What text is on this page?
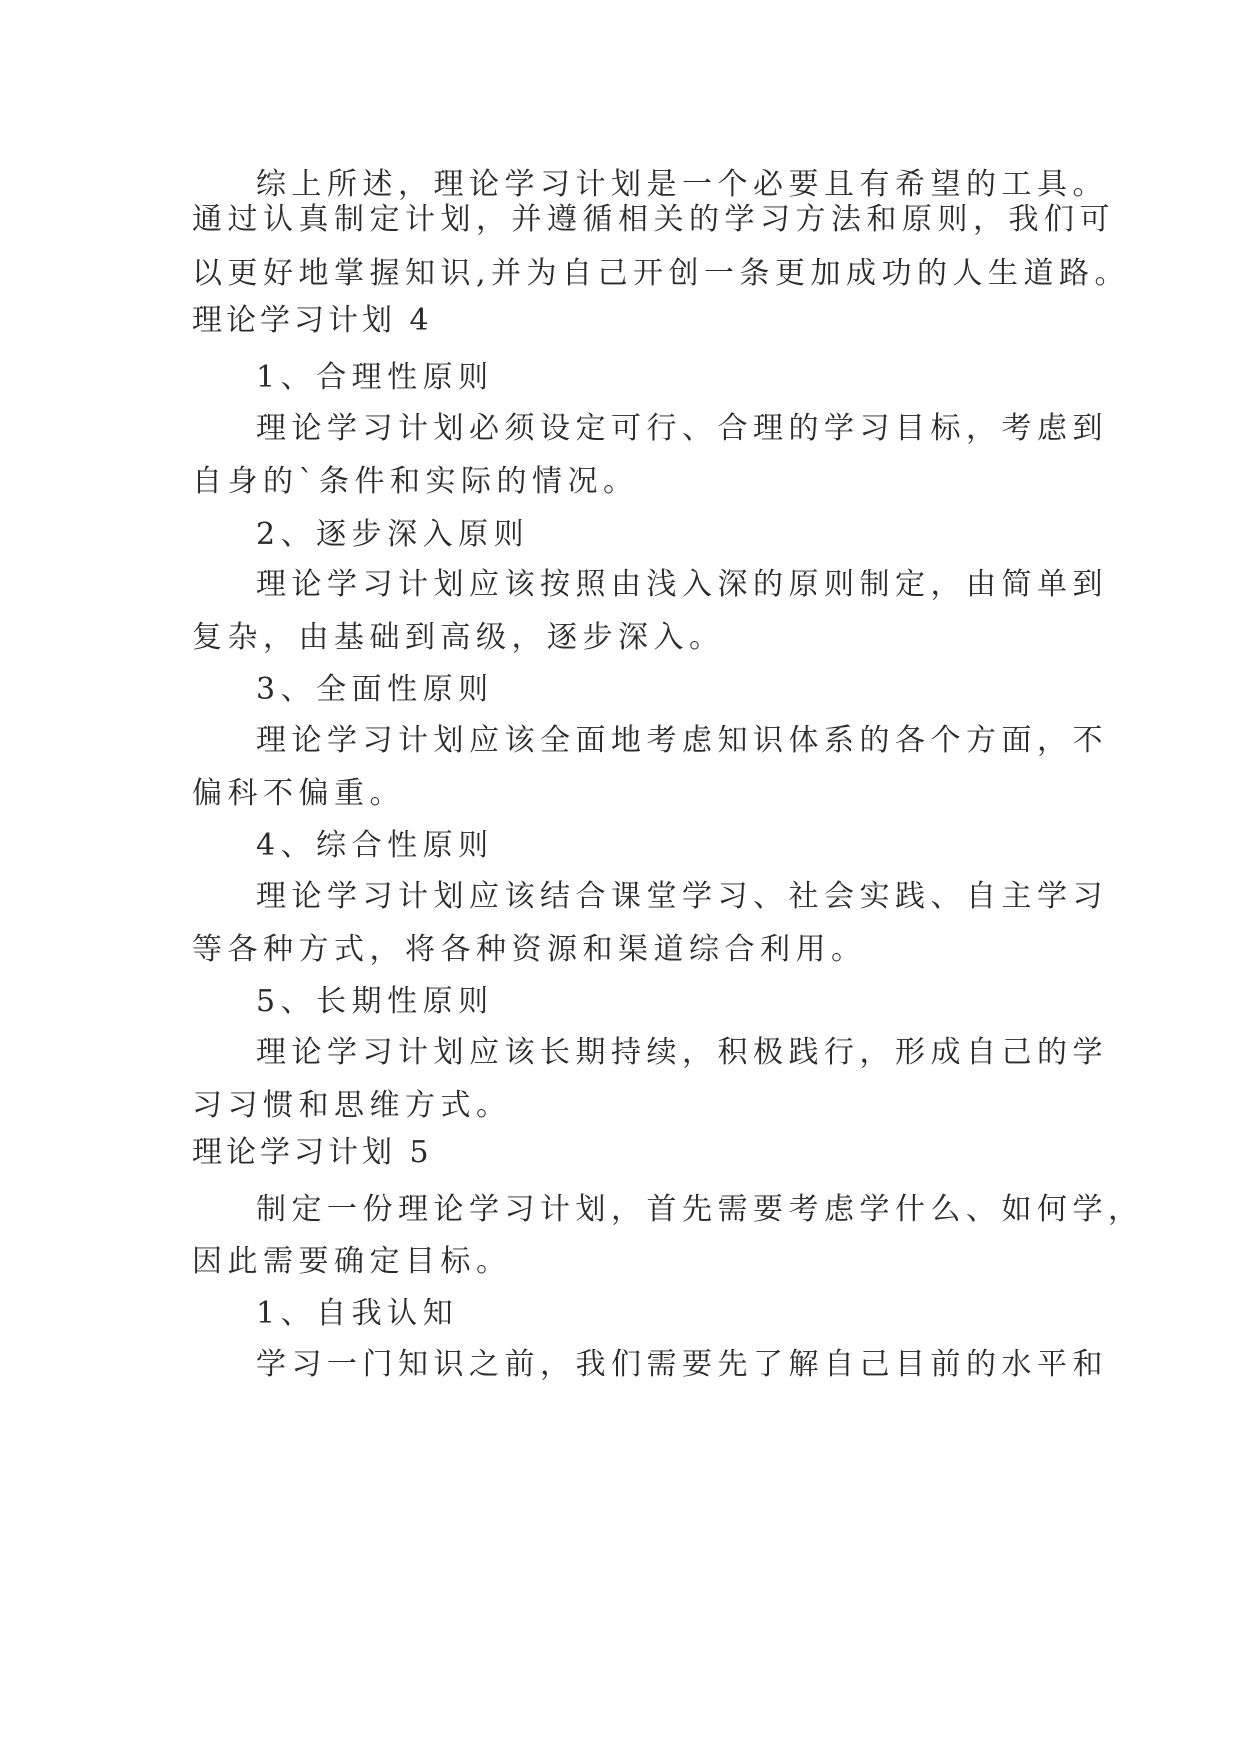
综上所述，理论学习计划是一个必要且有希望的工具。
通过认真制定计划，并遵循相关的学习方法和原则，我们可
以更好地掌握知识,并为自己开创一条更加成功的人生道路。
理论学习计划 4
1、合理性原则
理论学习计划必须设定可行、合理的学习目标，考虑到
自身的`条件和实际的情况。
2、逐步深入原则
理论学习计划应该按照由浅入深的原则制定，由简单到
复杂，由基础到高级，逐步深入。
3、全面性原则
理论学习计划应该全面地考虑知识体系的各个方面，不
偏科不偏重。
4、综合性原则
理论学习计划应该结合课堂学习、社会实践、自主学习
等各种方式，将各种资源和渠道综合利用。
5、长期性原则
理论学习计划应该长期持续，积极践行，形成自己的学
习习惯和思维方式。
理论学习计划 5
制定一份理论学习计划，首先需要考虑学什么、如何学，
因此需要确定目标。
1、自我认知
学习一门知识之前，我们需要先了解自己目前的水平和
